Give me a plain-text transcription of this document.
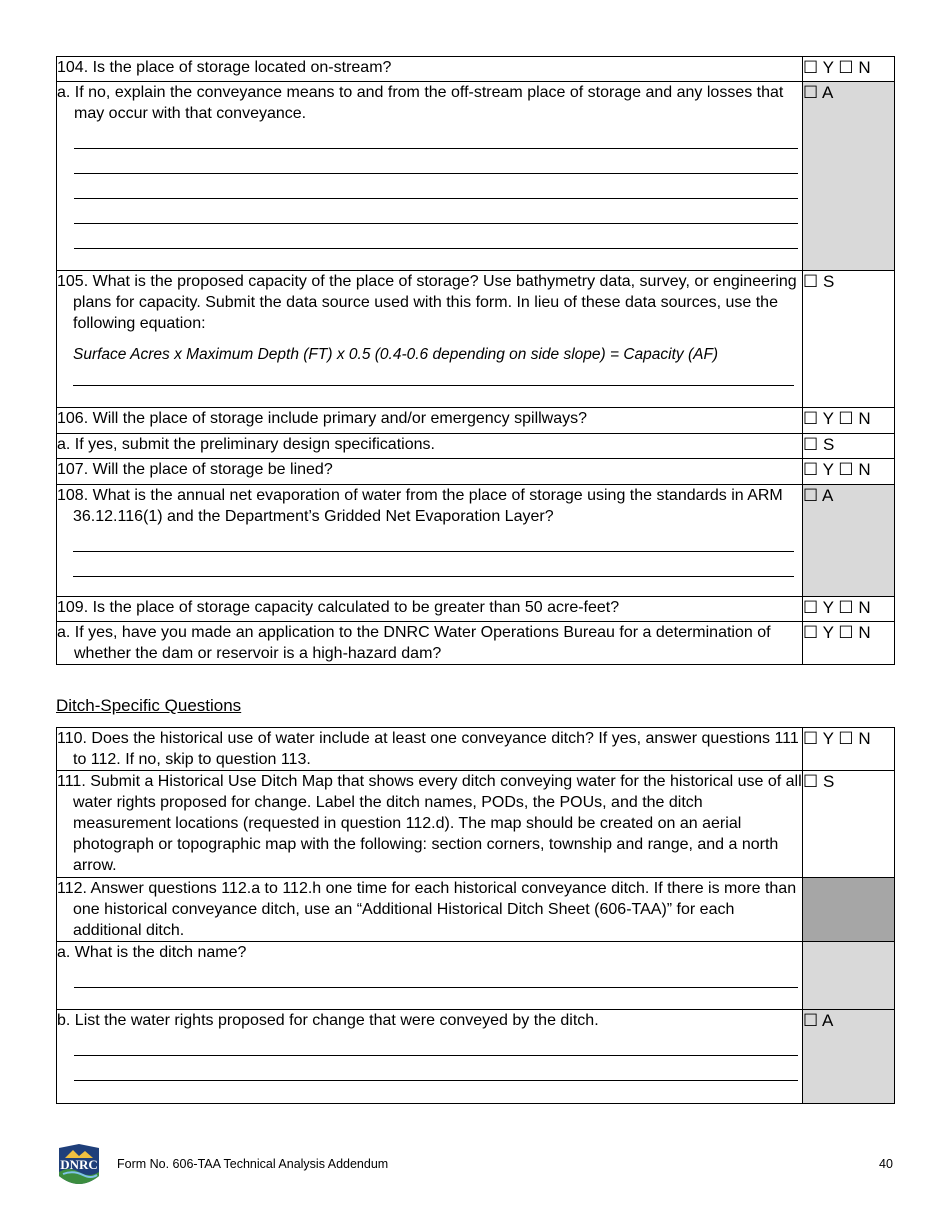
104. Is the place of storage located on-stream?	☐ Y ☐ N

a. If no, explain the conveyance means to and from the off-stream place of storage and any losses that may occur with that conveyance.	☐ A

105. What is the proposed capacity of the place of storage? Use bathymetry data, survey, or engineering plans for capacity. Submit the data source used with this form. In lieu of these data sources, use the following equation:
Surface Acres x Maximum Depth (FT) x 0.5 (0.4-0.6 depending on side slope) = Capacity (AF)	☐ S
106. Will the place of storage include primary and/or emergency spillways?	☐ Y ☐ N

a. If yes, submit the preliminary design specifications.	☐ S
107. Will the place of storage be lined?	☐ Y ☐ N

108. What is the annual net evaporation of water from the place of storage using the standards in ARM 36.12.116(1) and the Department’s Gridded Net Evaporation Layer?	☐ A
109. Is the place of storage capacity calculated to be greater than 50 acre-feet?	☐ Y ☐ N

a. If yes, have you made an application to the DNRC Water Operations Bureau for a determination of whether the dam or reservoir is a high-hazard dam?	☐ Y ☐ N
Ditch-Specific Questions
110. Does the historical use of water include at least one conveyance ditch? If yes, answer questions 111 to 112. If no, skip to question 113.	☐ Y ☐ N

111. Submit a Historical Use Ditch Map that shows every ditch conveying water for the historical use of all water rights proposed for change. Label the ditch names, PODs, the POUs, and the ditch measurement locations (requested in question 112.d). The map should be created on an aerial photograph or topographic map with the following: section corners, township and range, and a north arrow.	☐ S

112. Answer questions 112.a to 112.h one time for each historical conveyance ditch. If there is more than one historical conveyance ditch, use an “Additional Historical Ditch Sheet (606-TAA)” for each additional ditch.	

a. What is the ditch name?	

b. List the water rights proposed for change that were conveyed by the ditch.	☐ A
DNRC Form No. 606-TAA Technical Analysis Addendum	40
